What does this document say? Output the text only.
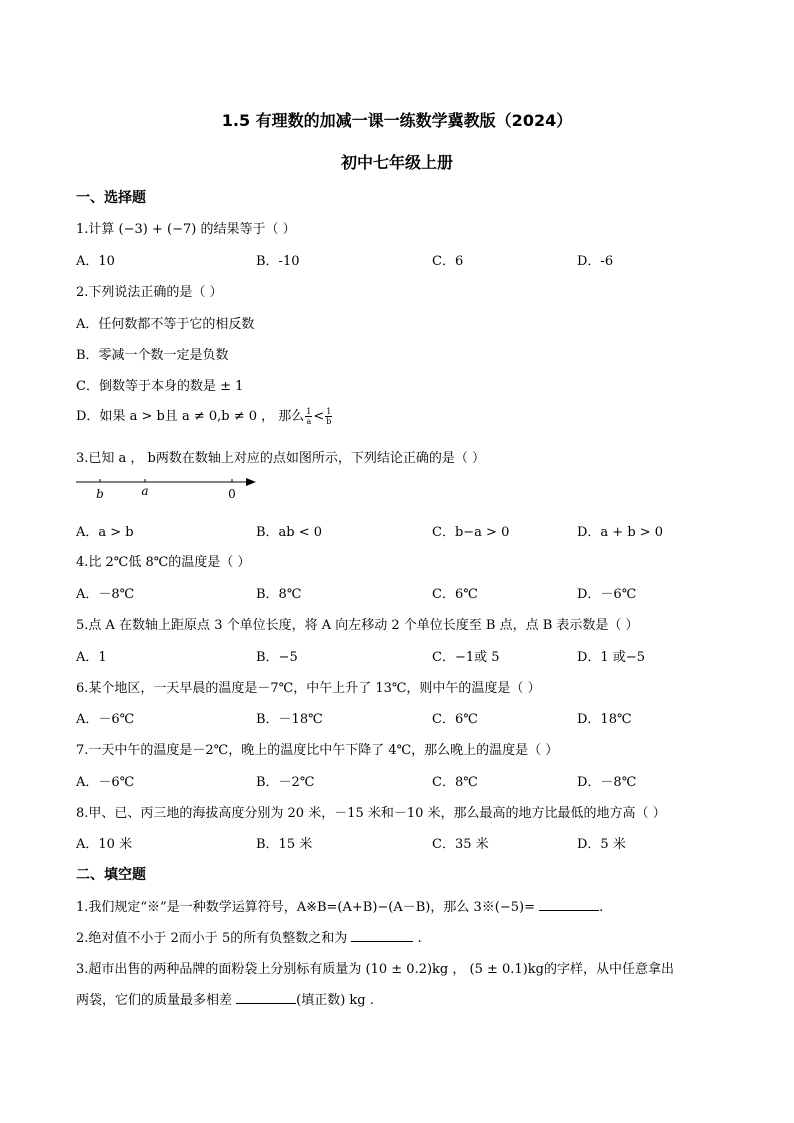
1.5 有理数的加减一课一练数学冀教版（2024）
初中七年级上册
一、选择题
1.计算 (−3) + (−7) 的结果等于（ ）
A．10	B．-10	C．6	D．-6
2.下列说法正确的是（ ）
A．任何数都不等于它的相反数
B．零减一个数一定是负数
C．倒数等于本身的数是 ± 1
D．如果 a > b且 a ≠ 0,b ≠ 0 ， 那么 $\frac{1}{a} < \frac{1}{b}$
3.已知 a ， b两数在数轴上对应的点如图所示，下列结论正确的是（ ）
b	a	0
A．a > b	B．ab < 0	C．b−a > 0	D．a + b > 0
4.比 2℃低 8℃的温度是（ ）
A．－8℃	B．8℃	C．6℃	D．－6℃
5.点 A 在数轴上距原点 3 个单位长度，将 A 向左移动 2 个单位长度至 B 点，点 B 表示数是（ ）
A．1	B．−5	C．−1或 5	D．1 或−5
6.某个地区，一天早晨的温度是－7℃，中午上升了 13℃，则中午的温度是（ ）
A．－6℃	B．－18℃	C．6℃	D．18℃
7.一天中午的温度是－2℃，晚上的温度比中午下降了 4℃，那么晚上的温度是（ ）
A．－6℃	B．－2℃	C．8℃	D．－8℃
8.甲、已、丙三地的海拔高度分别为 20 米，－15 米和－10 米，那么最高的地方比最低的地方高（ ）
A．10 米	B．15 米	C．35 米	D．5 米
二、填空题
1.我们规定“※”是一种数学运算符号，A※B=(A+B)−(A－B)，那么 3※(−5)=	.
2.绝对值不小于 2而小于 5的所有负整数之和为	.
3.超市出售的两种品牌的面粉袋上分别标有质量为 (10 ± 0.2)kg ， (5 ± 0.1)kg的字样，从中任意拿出
两袋，它们的质量最多相差	(填正数) kg .
